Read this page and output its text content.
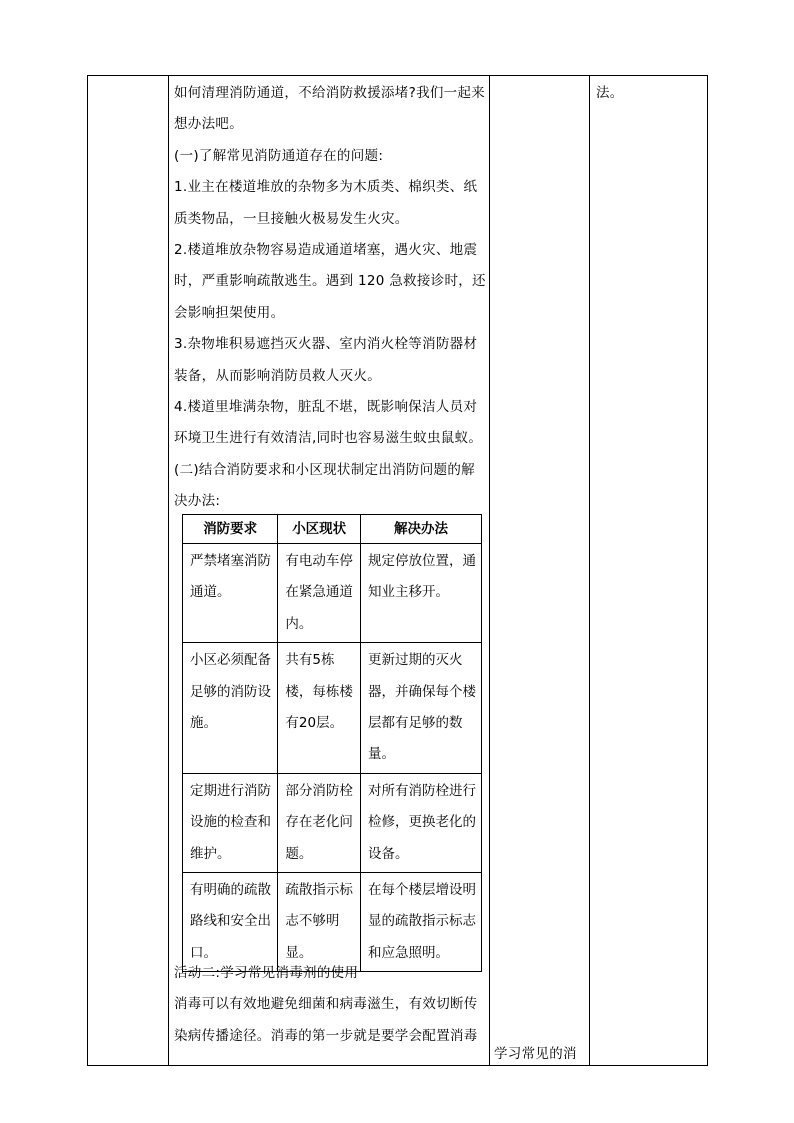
如何清理消防通道，不给消防救援添堵?我们一起来想办法吧。

(一)了解常见消防通道存在的问题:

1.业主在楼道堆放的杂物多为木质类、棉织类、纸质类物品，一旦接触火极易发生火灾。

2.楼道堆放杂物容易造成通道堵塞，遇火灾、地震时，严重影响疏散逃生。遇到 120 急救接诊时，还会影响担架使用。

3.杂物堆积易遮挡灭火器、室内消火栓等消防器材装备，从而影响消防员救人灭火。

4.楼道里堆满杂物，脏乱不堪，既影响保洁人员对环境卫生进行有效清洁,同时也容易滋生蚊虫鼠蚁。

(二)结合消防要求和小区现状制定出消防问题的解决办法:

消防要求	小区现状	解决办法
严禁堵塞消防通道。	有电动车停在紧急通道内。	规定停放位置，通知业主移开。
小区必须配备足够的消防设施。	共有5栋楼，每栋楼有20层。	更新过期的灭火器，并确保每个楼层都有足够的数量。
定期进行消防设施的检查和维护。	部分消防栓存在老化问题。	对所有消防栓进行检修，更换老化的设备。
有明确的疏散路线和安全出口。	疏散指示标志不够明显。	在每个楼层增设明显的疏散指示标志和应急照明。

活动二:学习常见消毒剂的使用

消毒可以有效地避免细菌和病毒滋生，有效切断传染病传播途径。消毒的第一步就是要学会配置消毒

学习常见的消

法。
